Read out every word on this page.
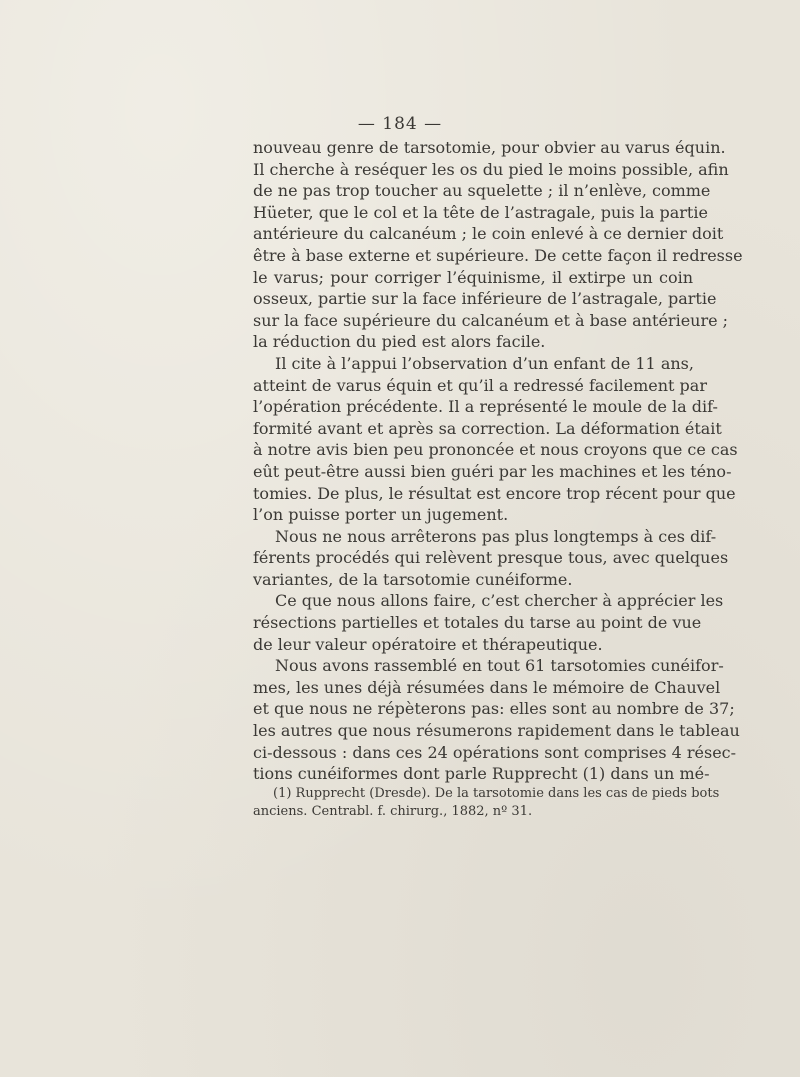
— 184 —
nouveau genre de tarsotomie, pour obvier au varus équin.
Il cherche à reséquer les os du pied le moins possible, afin
de ne pas trop toucher au squelette ; il n’enlève, comme
Hüeter, que le col et la tête de l’astragale, puis la partie
antérieure du calcanéum ; le coin enlevé à ce dernier doit
être à base externe et supérieure. De cette façon il redresse
le varus; pour corriger l’équinisme, il extirpe un coin
osseux, partie sur la face inférieure de l’astragale, partie
sur la face supérieure du calcanéum et à base antérieure ;
la réduction du pied est alors facile.
Il cite à l’appui l’observation d’un enfant de 11 ans,
atteint de varus équin et qu’il a redressé facilement par
l’opération précédente. Il a représenté le moule de la dif-
formité avant et après sa correction. La déformation était
à notre avis bien peu prononcée et nous croyons que ce cas
eût peut-être aussi bien guéri par les machines et les téno-
tomies. De plus, le résultat est encore trop récent pour que
l’on puisse porter un jugement.
Nous ne nous arrêterons pas plus longtemps à ces dif-
férents procédés qui relèvent presque tous, avec quelques
variantes, de la tarsotomie cunéiforme.
Ce que nous allons faire, c’est chercher à apprécier les
résections partielles et totales du tarse au point de vue
de leur valeur opératoire et thérapeutique.
Nous avons rassemblé en tout 61 tarsotomies cunéifor-
mes, les unes déjà résumées dans le mémoire de Chauvel
et que nous ne répèterons pas: elles sont au nombre de 37;
les autres que nous résumerons rapidement dans le tableau
ci-dessous : dans ces 24 opérations sont comprises 4 résec-
tions cunéiformes dont parle Rupprecht (1) dans un mé-
(1) Rupprecht (Dresde). De la tarsotomie dans les cas de pieds bots
anciens. Centrabl. f. chirurg., 1882, nº 31.
